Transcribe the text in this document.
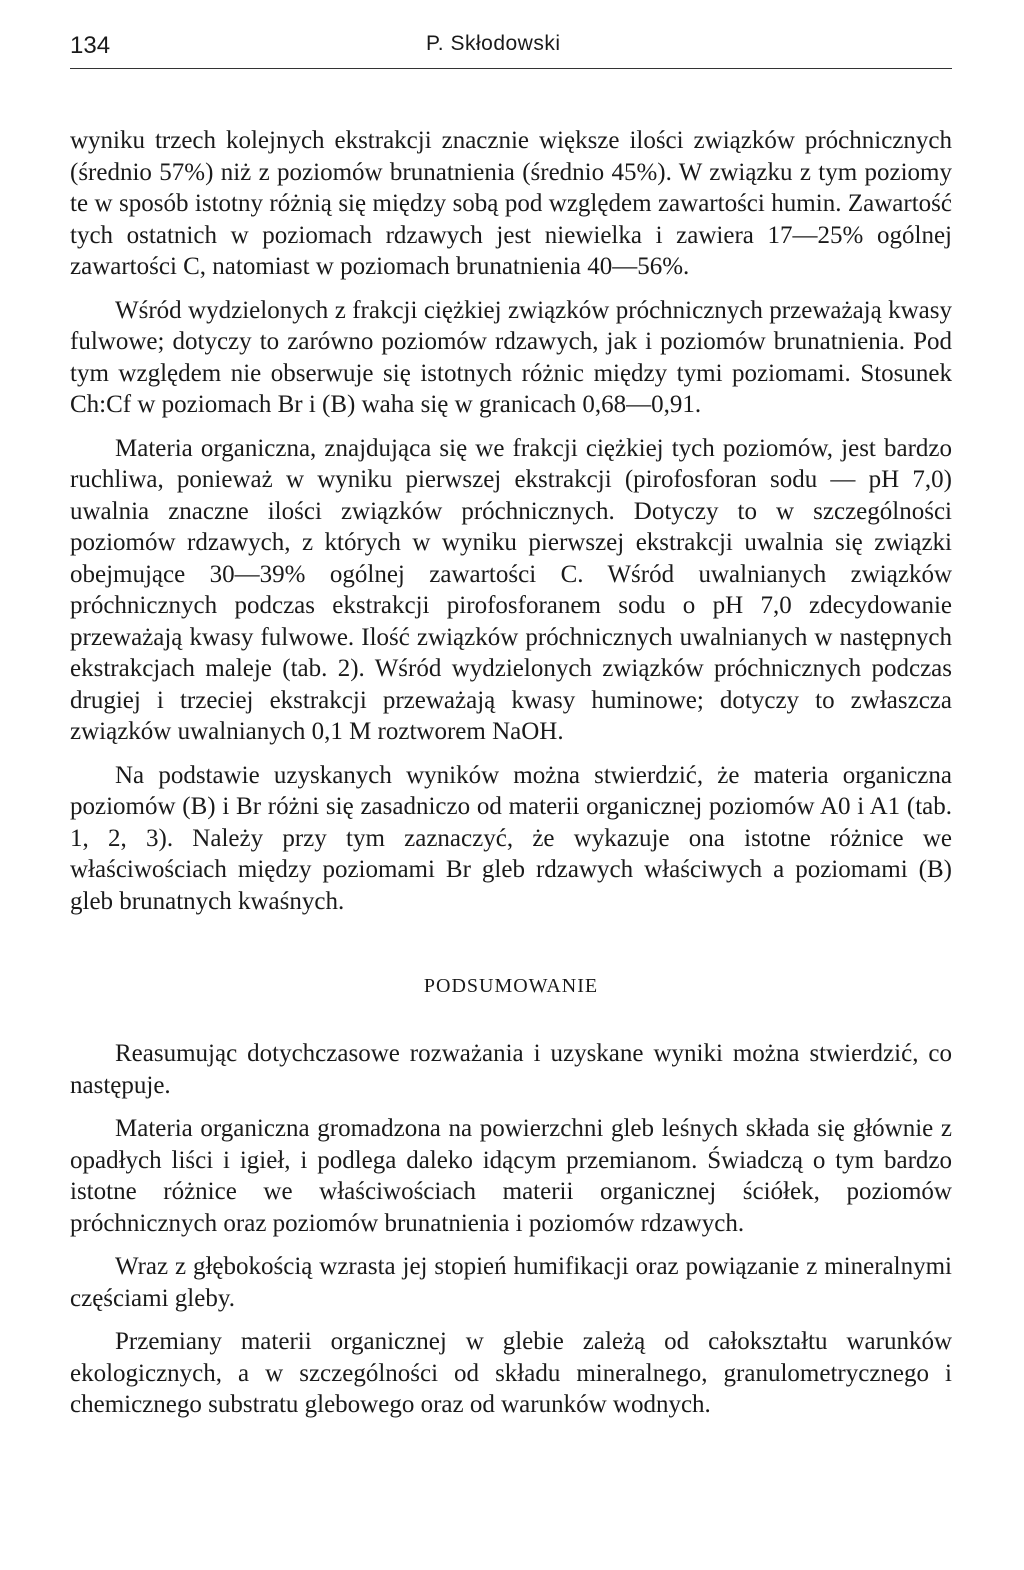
134	P. Skłodowski

wyniku trzech kolejnych ekstrakcji znacznie większe ilości związków próchnicznych (średnio 57%) niż z poziomów brunatnienia (średnio 45%). W związku z tym poziomy te w sposób istotny różnią się między sobą pod względem zawartości humin. Zawartość tych ostatnich w poziomach rdzawych jest niewielka i zawiera 17—25% ogólnej zawartości C, natomiast w poziomach brunatnienia 40—56%.

Wśród wydzielonych z frakcji ciężkiej związków próchnicznych przeważają kwasy fulwowe; dotyczy to zarówno poziomów rdzawych, jak i poziomów brunatnienia. Pod tym względem nie obserwuje się istotnych różnic między tymi poziomami. Stosunek Ch:Cf w poziomach Br i (B) waha się w granicach 0,68—0,91.

Materia organiczna, znajdująca się we frakcji ciężkiej tych poziomów, jest bardzo ruchliwa, ponieważ w wyniku pierwszej ekstrakcji (pirofosforan sodu — pH 7,0) uwalnia znaczne ilości związków próchnicznych. Dotyczy to w szczególności poziomów rdzawych, z których w wyniku pierwszej ekstrakcji uwalnia się związki obejmujące 30—39% ogólnej zawartości C. Wśród uwalnianych związków próchnicznych podczas ekstrakcji pirofosforanem sodu o pH 7,0 zdecydowanie przeważają kwasy fulwowe. Ilość związków próchnicznych uwalnianych w następnych ekstrakcjach maleje (tab. 2). Wśród wydzielonych związków próchnicznych podczas drugiej i trzeciej ekstrakcji przeważają kwasy huminowe; dotyczy to zwłaszcza związków uwalnianych 0,1 M roztworem NaOH.

Na podstawie uzyskanych wyników można stwierdzić, że materia organiczna poziomów (B) i Br różni się zasadniczo od materii organicznej poziomów A0 i A1 (tab. 1, 2, 3). Należy przy tym zaznaczyć, że wykazuje ona istotne różnice we właściwościach między poziomami Br gleb rdzawych właściwych a poziomami (B) gleb brunatnych kwaśnych.

PODSUMOWANIE

Reasumując dotychczasowe rozważania i uzyskane wyniki można stwierdzić, co następuje.

Materia organiczna gromadzona na powierzchni gleb leśnych składa się głównie z opadłych liści i igieł, i podlega daleko idącym przemianom. Świadczą o tym bardzo istotne różnice we właściwościach materii organicznej ściółek, poziomów próchnicznych oraz poziomów brunatnienia i poziomów rdzawych.

Wraz z głębokością wzrasta jej stopień humifikacji oraz powiązanie z mineralnymi częściami gleby.

Przemiany materii organicznej w glebie zależą od całokształtu warunków ekologicznych, a w szczególności od składu mineralnego, granulometrycznego i chemicznego substratu glebowego oraz od warunków wodnych.
